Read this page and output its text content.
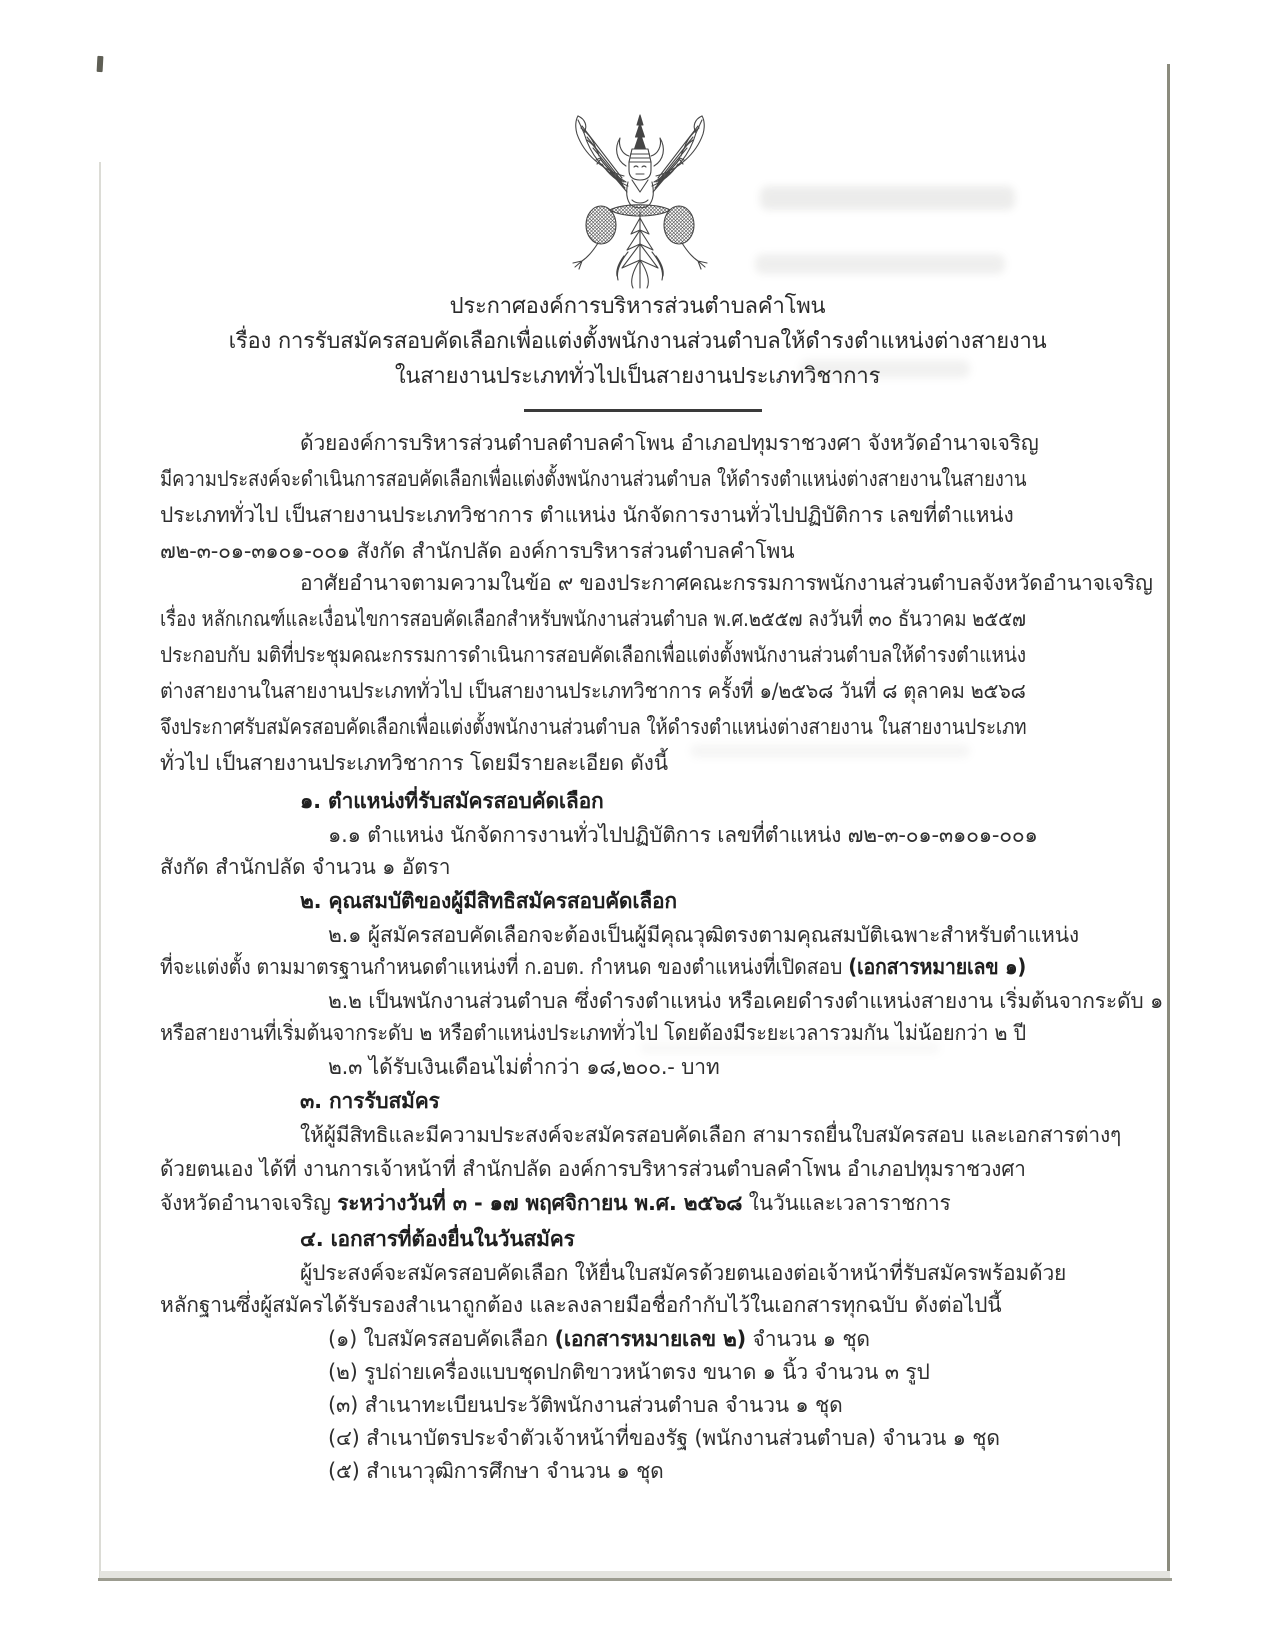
ประกาศองค์การบริหารส่วนตำบลคำโพน
เรื่อง การรับสมัครสอบคัดเลือกเพื่อแต่งตั้งพนักงานส่วนตำบลให้ดำรงตำแหน่งต่างสายงาน
ในสายงานประเภททั่วไปเป็นสายงานประเภทวิชาการ
ด้วยองค์การบริหารส่วนตำบลตำบลคำโพน อำเภอปทุมราชวงศา จังหวัดอำนาจเจริญ
มีความประสงค์จะดำเนินการสอบคัดเลือกเพื่อแต่งตั้งพนักงานส่วนตำบล ให้ดำรงตำแหน่งต่างสายงานในสายงาน
ประเภททั่วไป เป็นสายงานประเภทวิชาการ ตำแหน่ง นักจัดการงานทั่วไปปฏิบัติการ เลขที่ตำแหน่ง
๗๒-๓-๐๑-๓๑๐๑-๐๐๑ สังกัด สำนักปลัด องค์การบริหารส่วนตำบลคำโพน
อาศัยอำนาจตามความในข้อ ๙ ของประกาศคณะกรรมการพนักงานส่วนตำบลจังหวัดอำนาจเจริญ
เรื่อง หลักเกณฑ์และเงื่อนไขการสอบคัดเลือกสำหรับพนักงานส่วนตำบล พ.ศ.๒๕๕๗ ลงวันที่ ๓๐ ธันวาคม ๒๕๕๗
ประกอบกับ มติที่ประชุมคณะกรรมการดำเนินการสอบคัดเลือกเพื่อแต่งตั้งพนักงานส่วนตำบลให้ดำรงตำแหน่ง
ต่างสายงานในสายงานประเภททั่วไป เป็นสายงานประเภทวิชาการ ครั้งที่ ๑/๒๕๖๘ วันที่ ๘ ตุลาคม ๒๕๖๘
จึงประกาศรับสมัครสอบคัดเลือกเพื่อแต่งตั้งพนักงานส่วนตำบล ให้ดำรงตำแหน่งต่างสายงาน ในสายงานประเภท
ทั่วไป เป็นสายงานประเภทวิชาการ โดยมีรายละเอียด ดังนี้
๑. ตำแหน่งที่รับสมัครสอบคัดเลือก
๑.๑ ตำแหน่ง นักจัดการงานทั่วไปปฏิบัติการ เลขที่ตำแหน่ง ๗๒-๓-๐๑-๓๑๐๑-๐๐๑
สังกัด สำนักปลัด จำนวน ๑ อัตรา
๒. คุณสมบัติของผู้มีสิทธิสมัครสอบคัดเลือก
๒.๑ ผู้สมัครสอบคัดเลือกจะต้องเป็นผู้มีคุณวุฒิตรงตามคุณสมบัติเฉพาะสำหรับตำแหน่ง
ที่จะแต่งตั้ง ตามมาตรฐานกำหนดตำแหน่งที่ ก.อบต. กำหนด ของตำแหน่งที่เปิดสอบ (เอกสารหมายเลข ๑)
๒.๒ เป็นพนักงานส่วนตำบล ซึ่งดำรงตำแหน่ง หรือเคยดำรงตำแหน่งสายงาน เริ่มต้นจากระดับ ๑
หรือสายงานที่เริ่มต้นจากระดับ ๒ หรือตำแหน่งประเภททั่วไป โดยต้องมีระยะเวลารวมกัน ไม่น้อยกว่า ๒ ปี
๒.๓ ได้รับเงินเดือนไม่ต่ำกว่า ๑๘,๒๐๐.- บาท
๓. การรับสมัคร
ให้ผู้มีสิทธิและมีความประสงค์จะสมัครสอบคัดเลือก สามารถยื่นใบสมัครสอบ และเอกสารต่างๆ
ด้วยตนเอง ได้ที่ งานการเจ้าหน้าที่ สำนักปลัด องค์การบริหารส่วนตำบลคำโพน อำเภอปทุมราชวงศา
จังหวัดอำนาจเจริญ ระหว่างวันที่ ๓ - ๑๗ พฤศจิกายน พ.ศ. ๒๕๖๘ ในวันและเวลาราชการ
๔. เอกสารที่ต้องยื่นในวันสมัคร
ผู้ประสงค์จะสมัครสอบคัดเลือก ให้ยื่นใบสมัครด้วยตนเองต่อเจ้าหน้าที่รับสมัครพร้อมด้วย
หลักฐานซึ่งผู้สมัครได้รับรองสำเนาถูกต้อง และลงลายมือชื่อกำกับไว้ในเอกสารทุกฉบับ ดังต่อไปนี้
(๑) ใบสมัครสอบคัดเลือก (เอกสารหมายเลข ๒) จำนวน ๑ ชุด
(๒) รูปถ่ายเครื่องแบบชุดปกติขาวหน้าตรง ขนาด ๑ นิ้ว จำนวน ๓ รูป
(๓) สำเนาทะเบียนประวัติพนักงานส่วนตำบล จำนวน ๑ ชุด
(๔) สำเนาบัตรประจำตัวเจ้าหน้าที่ของรัฐ (พนักงานส่วนตำบล) จำนวน ๑ ชุด
(๕) สำเนาวุฒิการศึกษา จำนวน ๑ ชุด
